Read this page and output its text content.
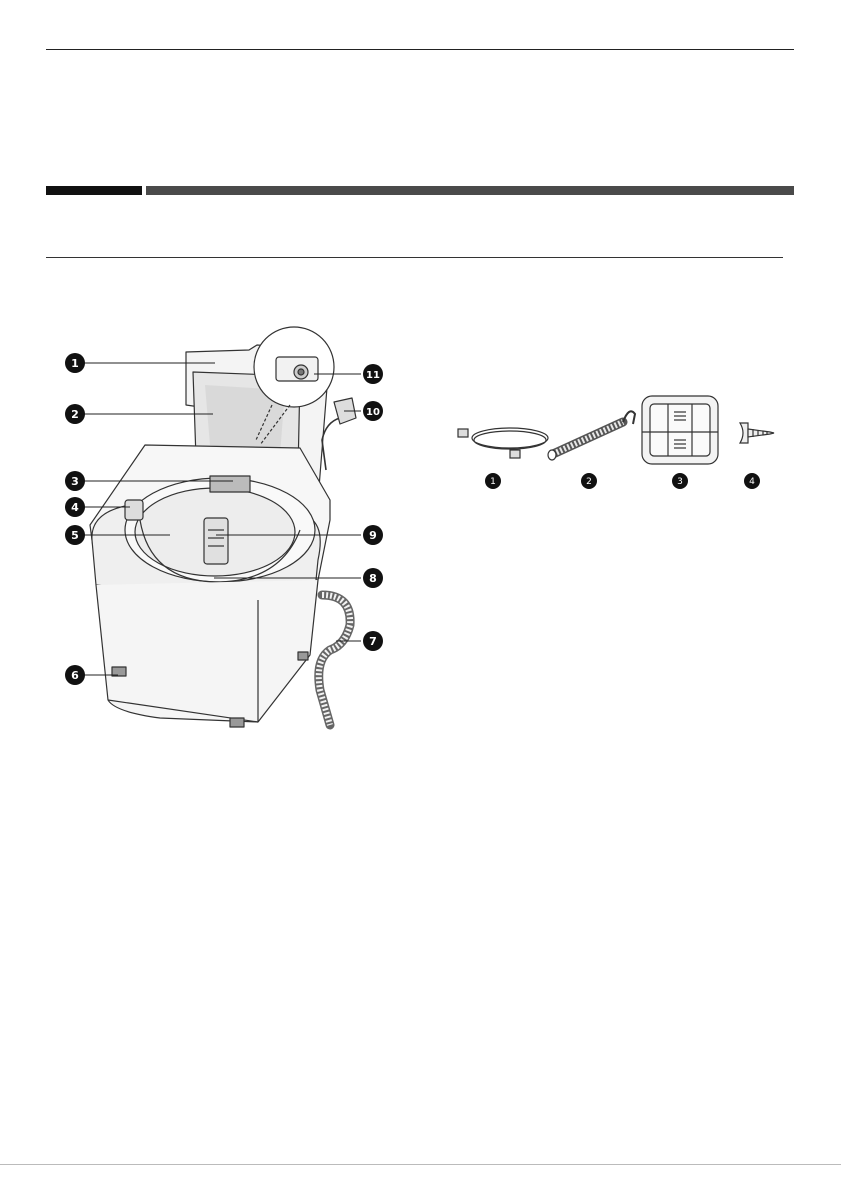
1
2
3
4
5
6
7
8
9
10
11
1	2	3	4
